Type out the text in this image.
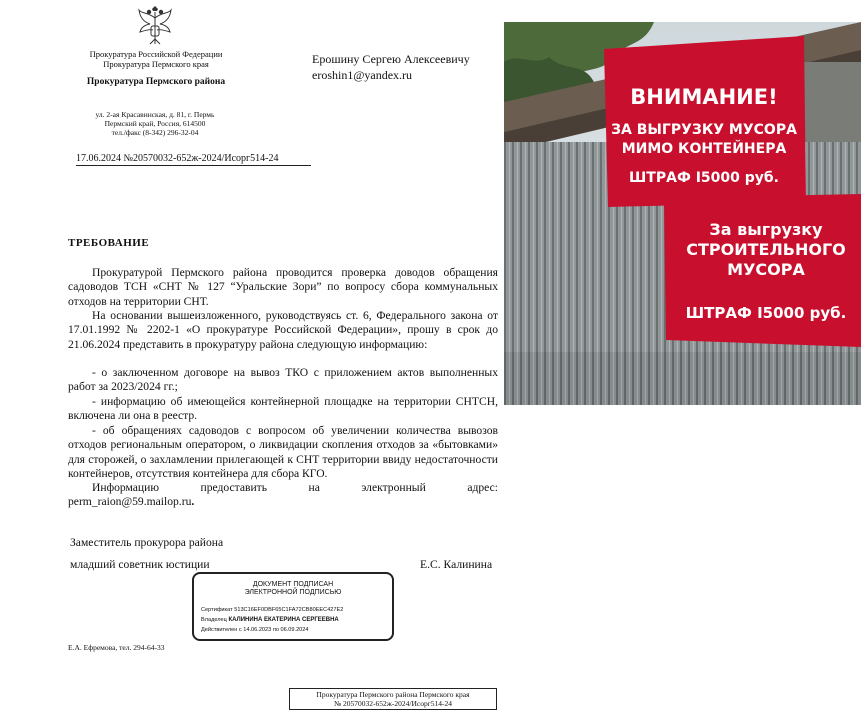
Прокуратура Российской Федерации
Прокуратура Пермского края
Прокуратура Пермского района
ул. 2-ая Красавинская, д. 81, г. Пермь
Пермский край, Россия, 614500
тел./факс (8-342) 296-32-04
17.06.2024 №20570032-652ж-2024/Исорг514-24
Ерошину Сергею Алексеевичу
eroshin1@yandex.ru
ТРЕБОВАНИЕ
Прокуратурой Пермского района проводится проверка доводов обращения садоводов ТСН «СНТ № 127 “Уральские Зори” по вопросу сбора коммунальных отходов на территории СНТ.
На основании вышеизложенного, руководствуясь ст. 6, Федерального закона от 17.01.1992 № 2202-1 «О прокуратуре Российской Федерации», прошу в срок до 21.06.2024 представить в прокуратуру района следующую информацию:
- о заключенном договоре на вывоз ТКО с приложением актов выполненных работ за 2023/2024 гг.;
- информацию об имеющейся контейнерной площадке на территории СНТСН, включена ли она в реестр.
- об обращениях садоводов с вопросом об увеличении количества вывозов отходов региональным оператором, о ликвидации скопления отходов за «бытовками» для сторожей, о захламлении прилегающей к СНТ территории ввиду недостаточности контейнеров, отсутствия контейнера для сбора КГО.
Информацию	предоставить	на	электронный	адрес:
perm_raion@59.mailop.ru.
Заместитель прокурора района
младший советник юстиции	Е.С. Калинина
ДОКУМЕНТ ПОДПИСАН
ЭЛЕКТРОННОЙ ПОДПИСЬЮ
Сертификат 513C16EF0DBF65C1FA72CB80EEC427E2
Владелец КАЛИНИНА ЕКАТЕРИНА СЕРГЕЕВНА
Действителен с 14.06.2023 по 06.09.2024
Е.А. Ефремова, тел. 294-64-33
Прокуратура Пермского района Пермского края
№ 20570032-652ж-2024/Исорг514-24
ВНИМАНИЕ!
ЗА ВЫГРУЗКУ МУСОРА
МИМО КОНТЕЙНЕРА
ШТРАФ I5000 руб.
За выгрузку
СТРОИТЕЛЬНОГО
МУСОРА
ШТРАФ I5000 руб.
